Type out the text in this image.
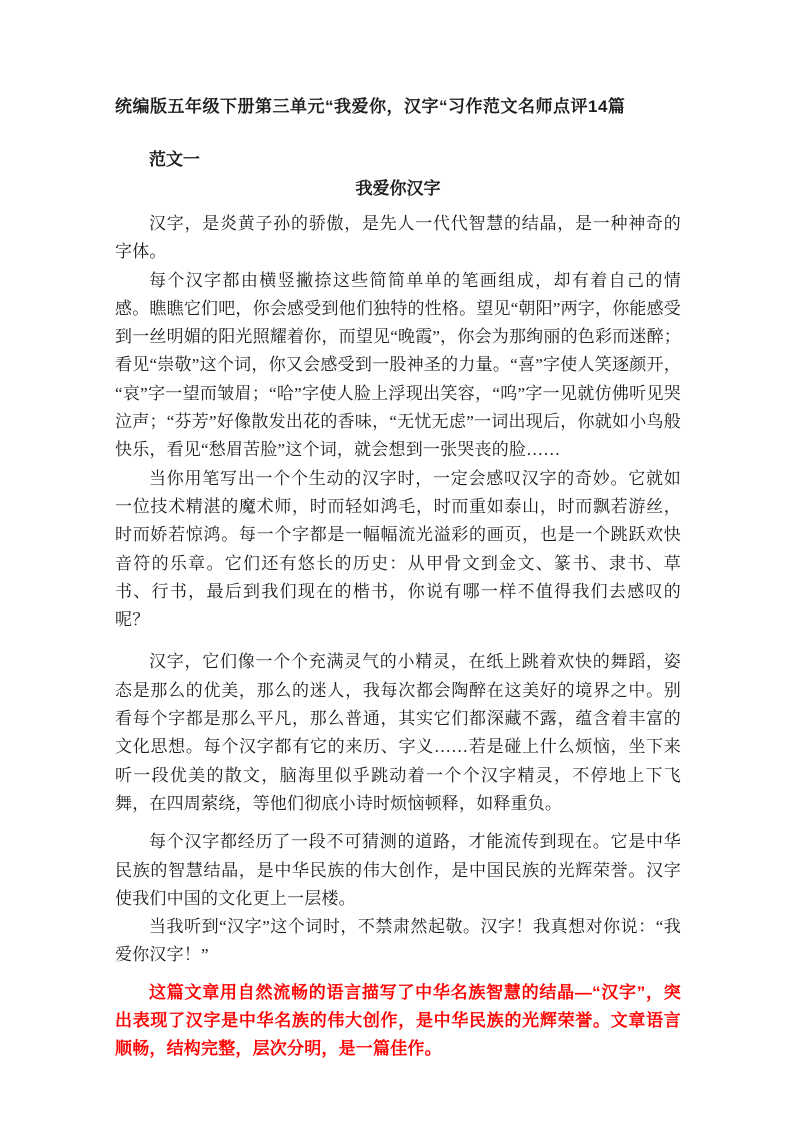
统编版五年级下册第三单元“我爱你，汉字“习作范文名师点评14篇

范文一

我爱你汉字

汉字，是炎黄子孙的骄傲，是先人一代代智慧的结晶，是一种神奇的字体。

每个汉字都由横竖撇捺这些简简单单的笔画组成，却有着自己的情感。瞧瞧它们吧，你会感受到他们独特的性格。望见“朝阳”两字，你能感受到一丝明媚的阳光照耀着你，而望见“晚霞”，你会为那绚丽的色彩而迷醉；看见“崇敬”这个词，你又会感受到一股神圣的力量。“喜”字使人笑逐颜开，“哀”字一望而皱眉；“哈”字使人脸上浮现出笑容，“呜”字一见就仿佛听见哭泣声；“芬芳”好像散发出花的香味，“无忧无虑”一词出现后，你就如小鸟般快乐，看见“愁眉苦脸”这个词，就会想到一张哭丧的脸……

当你用笔写出一个个生动的汉字时，一定会感叹汉字的奇妙。它就如一位技术精湛的魔术师，时而轻如鸿毛，时而重如泰山，时而飘若游丝，时而娇若惊鸿。每一个字都是一幅幅流光溢彩的画页，也是一个跳跃欢快音符的乐章。它们还有悠长的历史：从甲骨文到金文、篆书、隶书、草书、行书，最后到我们现在的楷书，你说有哪一样不值得我们去感叹的呢？

汉字，它们像一个个充满灵气的小精灵，在纸上跳着欢快的舞蹈，姿态是那么的优美，那么的迷人，我每次都会陶醉在这美好的境界之中。别看每个字都是那么平凡，那么普通，其实它们都深藏不露，蕴含着丰富的文化思想。每个汉字都有它的来历、字义……若是碰上什么烦恼，坐下来听一段优美的散文，脑海里似乎跳动着一个个汉字精灵，不停地上下飞舞，在四周萦绕，等他们彻底小诗时烦恼顿释，如释重负。

每个汉字都经历了一段不可猜测的道路，才能流传到现在。它是中华民族的智慧结晶，是中华民族的伟大创作，是中国民族的光辉荣誉。汉字使我们中国的文化更上一层楼。

当我听到“汉字”这个词时，不禁肃然起敬。汉字！我真想对你说：“我爱你汉字！”

这篇文章用自然流畅的语言描写了中华名族智慧的结晶—“汉字”，突出表现了汉字是中华名族的伟大创作，是中华民族的光辉荣誉。文章语言顺畅，结构完整，层次分明，是一篇佳作。
